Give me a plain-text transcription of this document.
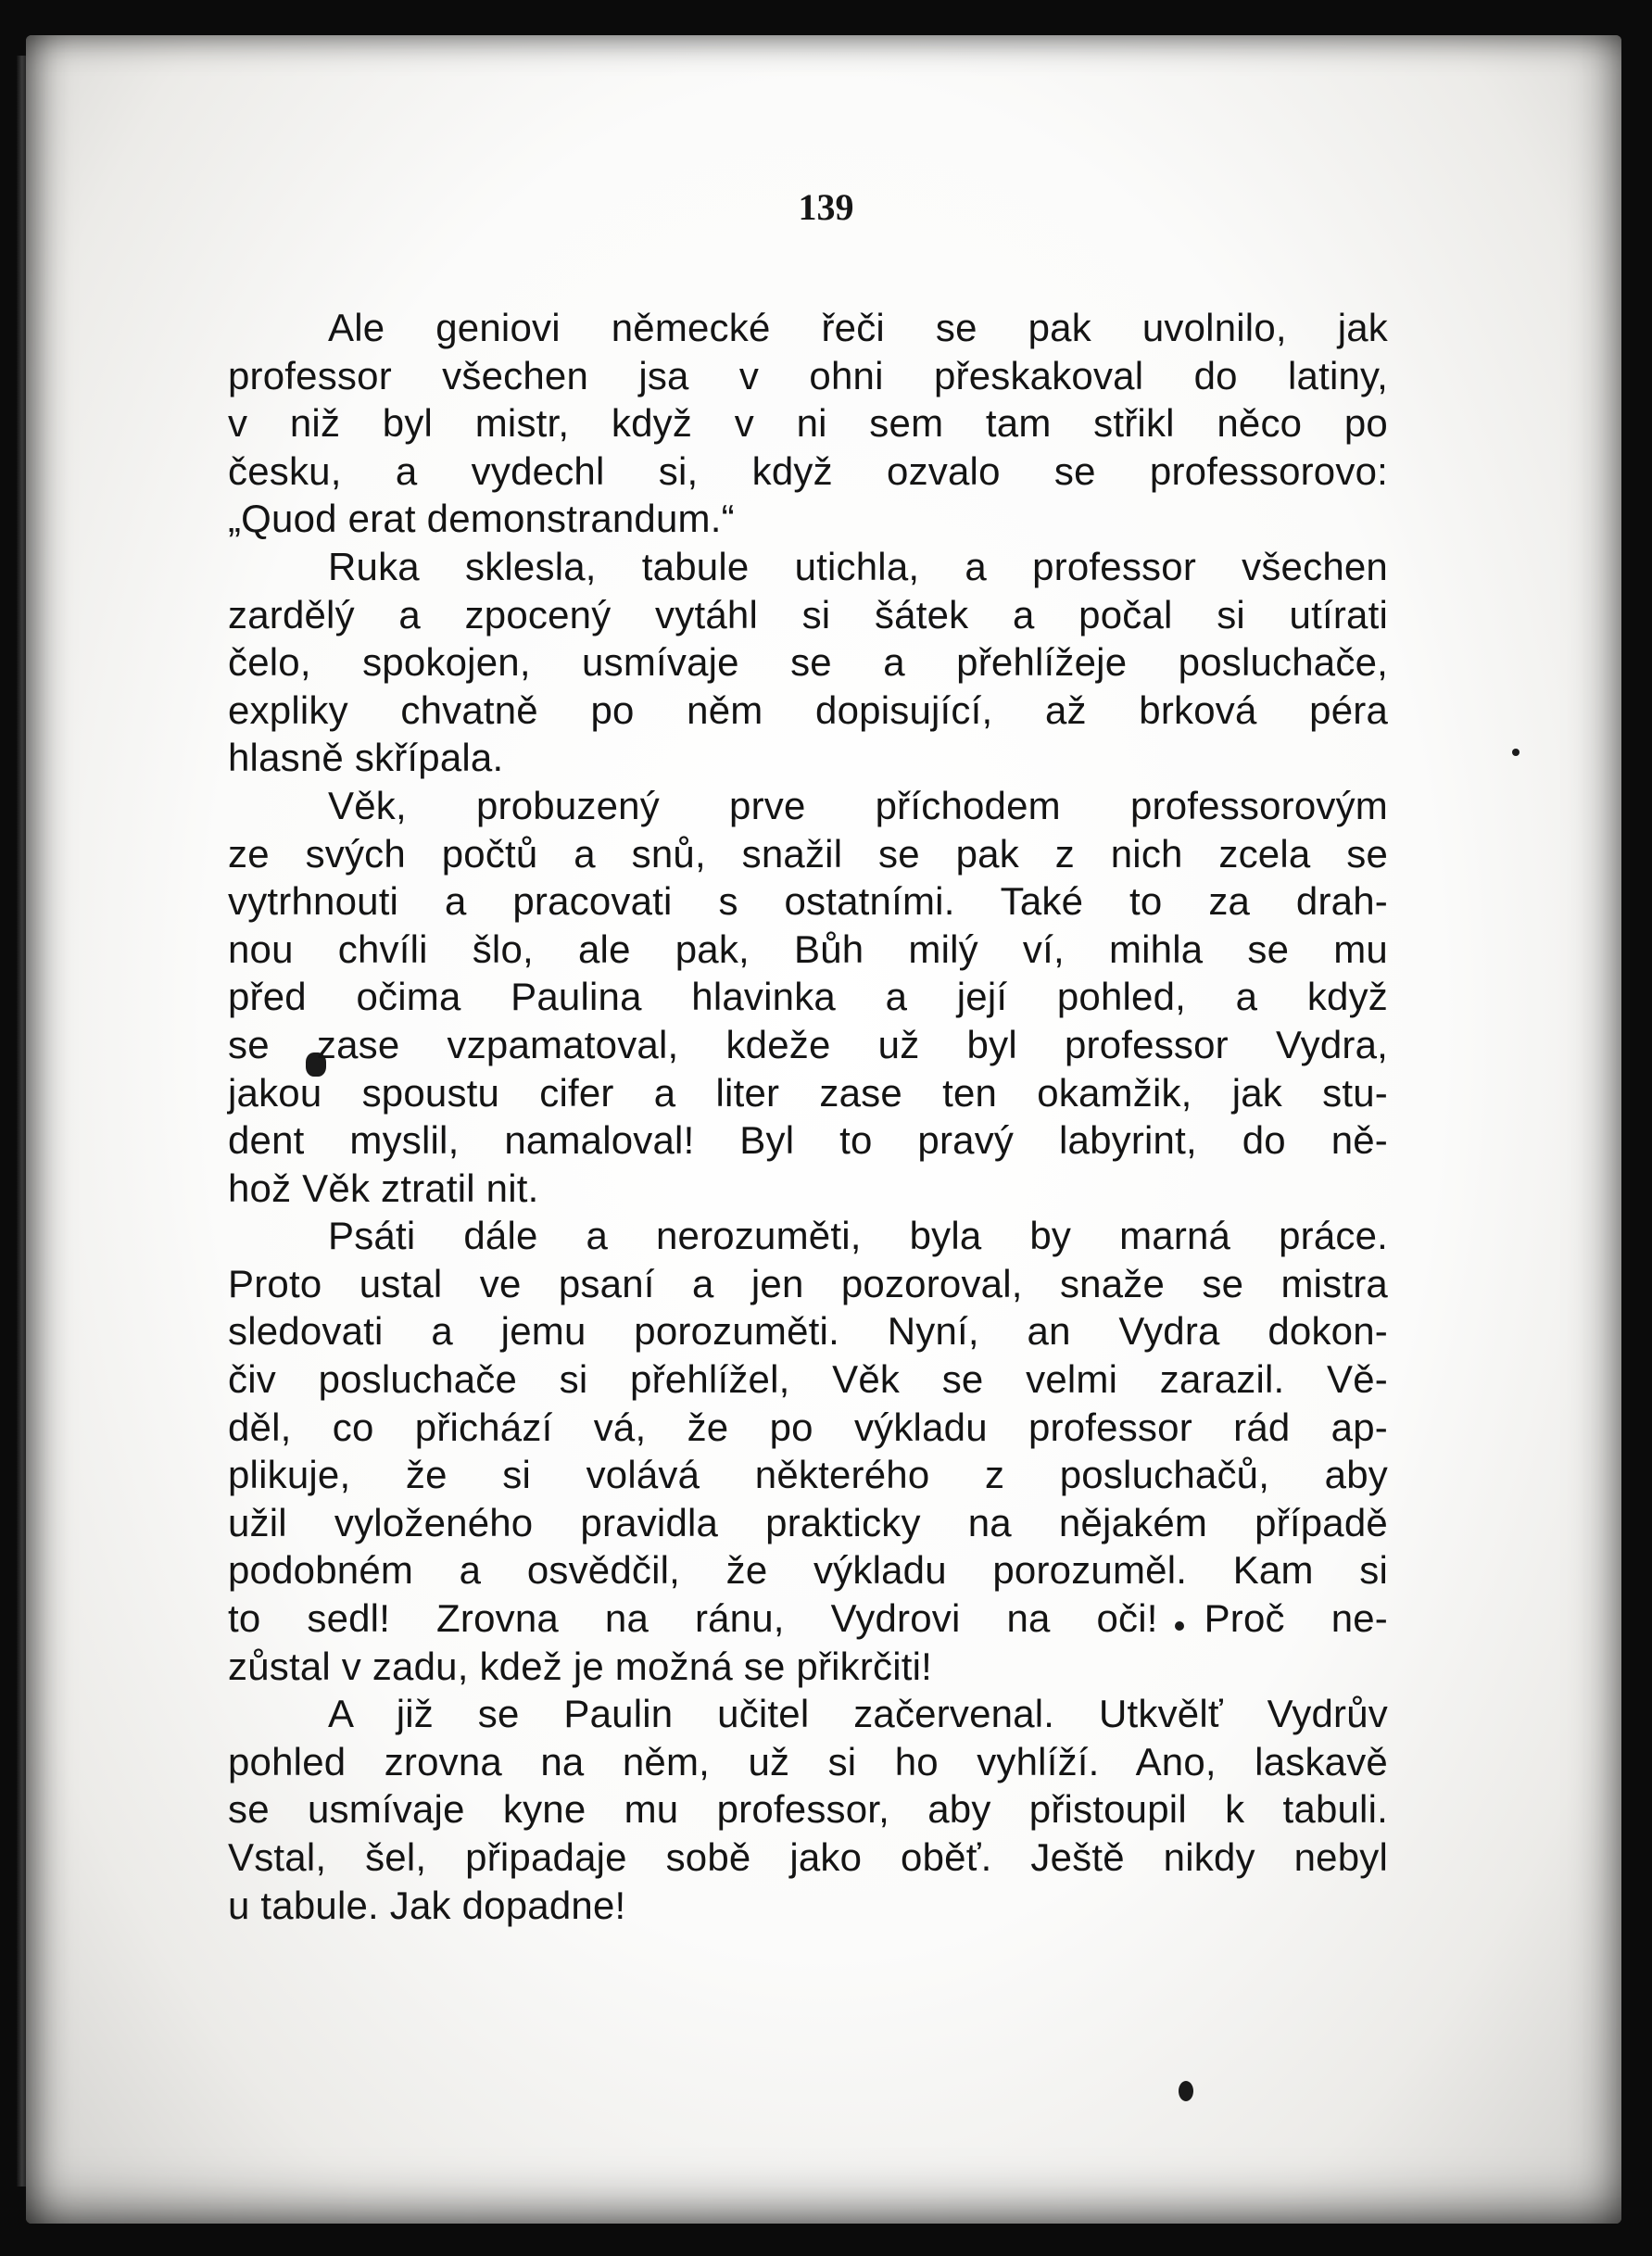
139

Ale geniovi německé řeči se pak uvolnilo, jak
professor všechen jsa v ohni přeskakoval do latiny,
v niž byl mistr, když v ni sem tam střikl něco po
česku, a vydechl si, když ozvalo se professorovo:
„Quod erat demonstrandum.“

Ruka sklesla, tabule utichla, a professor všechen
zardělý a zpocený vytáhl si šátek a počal si utírati
čelo, spokojen, usmívaje se a přehlížeje posluchače,
expliky chvatně po něm dopisující, až brková péra
hlasně skřípala.

Věk, probuzený prve příchodem professorovým
ze svých počtů a snů, snažil se pak z nich zcela se
vytrhnouti a pracovati s ostatními. Také to za drah-
nou chvíli šlo, ale pak, Bůh milý ví, mihla se mu
před očima Paulina hlavinka a její pohled, a když
se zase vzpamatoval, kdeže už byl professor Vydra,
jakou spoustu cifer a liter zase ten okamžik, jak stu-
dent myslil, namaloval! Byl to pravý labyrint, do ně-
hož Věk ztratil nit.

Psáti dále a nerozuměti, byla by marná práce.
Proto ustal ve psaní a jen pozoroval, snaže se mistra
sledovati a jemu porozuměti. Nyní, an Vydra dokon-
čiv posluchače si přehlížel, Věk se velmi zarazil. Vě-
děl, co přichází vá, že po výkladu professor rád ap-
plikuje, že si volává některého z posluchačů, aby
užil vyloženého pravidla prakticky na nějakém případě
podobném a osvědčil, že výkladu porozuměl. Kam si
to sedl! Zrovna na ránu, Vydrovi na oči! Proč ne-
zůstal v zadu, kdež je možná se přikrčiti!

A již se Paulin učitel začervenal. Utkvělť Vydrův
pohled zrovna na něm, už si ho vyhlíží. Ano, laskavě
se usmívaje kyne mu professor, aby přistoupil k tabuli.
Vstal, šel, připadaje sobě jako oběť. Ještě nikdy nebyl
u tabule. Jak dopadne!
